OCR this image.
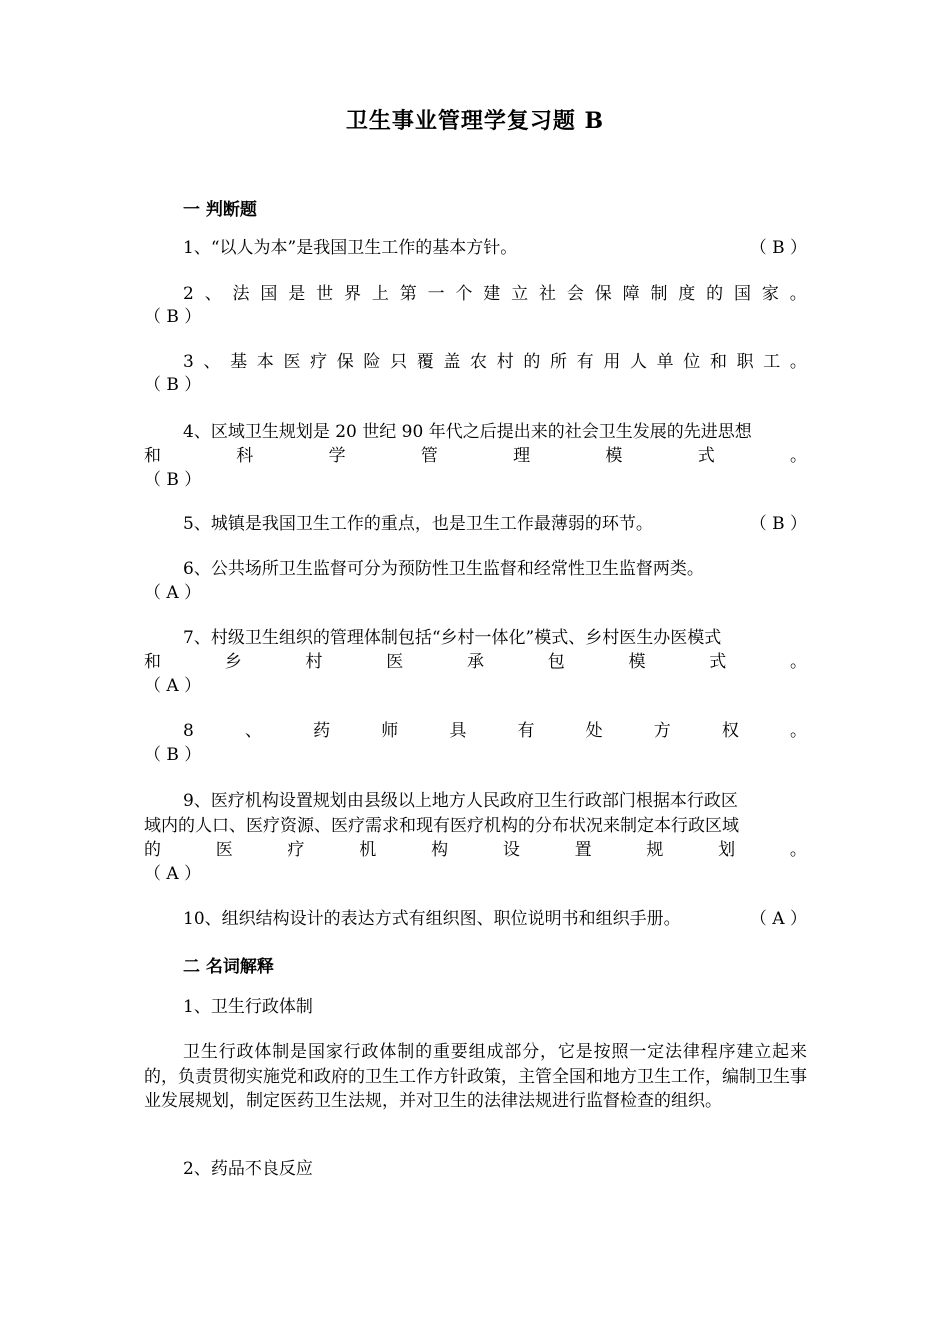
卫生事业管理学复习题 B
一 判断题
1、“以人为本”是我国卫生工作的基本方针。	（ B ）
2 、 法 国 是 世 界 上 第 一 个 建 立 社 会 保 障 制 度 的 国 家 。
（ B ）
3 、 基 本 医 疗 保 险 只 覆 盖 农 村 的 所 有 用 人 单 位 和 职 工 。
（ B ）
4、区域卫生规划是 20 世纪 90 年代之后提出来的社会卫生发展的先进思想
和	科	学	管	理	模	式	。
（ B ）
5、城镇是我国卫生工作的重点，也是卫生工作最薄弱的环节。	（ B ）
6、公共场所卫生监督可分为预防性卫生监督和经常性卫生监督两类。
（ A ）
7、村级卫生组织的管理体制包括“乡村一体化”模式、乡村医生办医模式
和	乡	村	医	承	包	模	式	。
（ A ）
8	、	药	师	具	有	处	方	权	。
（ B ）
9、医疗机构设置规划由县级以上地方人民政府卫生行政部门根据本行政区
域内的人口、医疗资源、医疗需求和现有医疗机构的分布状况来制定本行政区域
的	医	疗	机	构	设	置	规	划	。
（ A ）
10、组织结构设计的表达方式有组织图、职位说明书和组织手册。	（ A ）
二 名词解释
1、卫生行政体制
卫生行政体制是国家行政体制的重要组成部分，它是按照一定法律程序建立起来的，负责贯彻实施党和政府的卫生工作方针政策，主管全国和地方卫生工作，编制卫生事业发展规划，制定医药卫生法规，并对卫生的法律法规进行监督检查的组织。
2、药品不良反应
